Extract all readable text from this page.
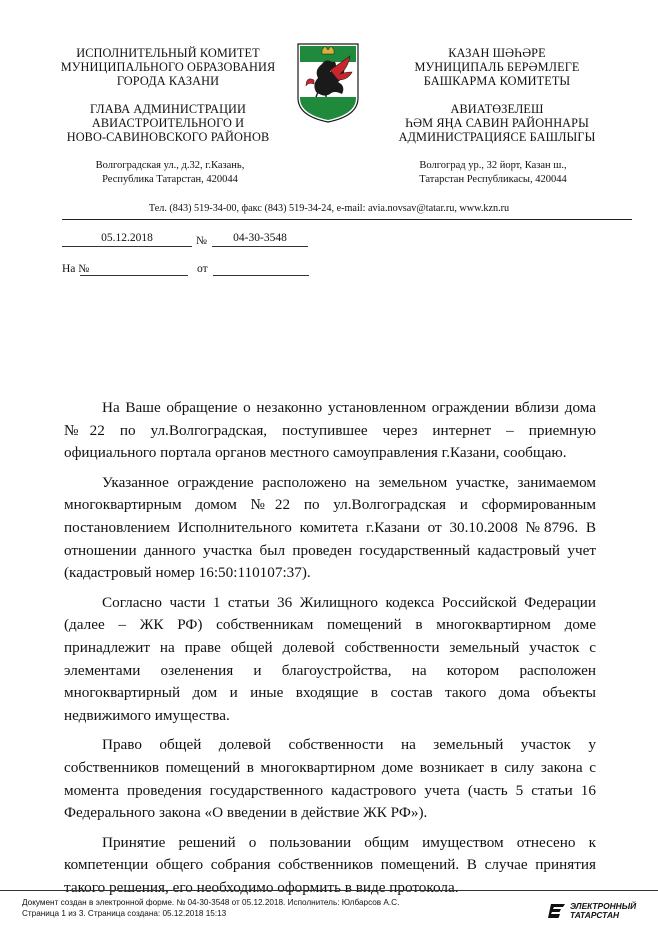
ИСПОЛНИТЕЛЬНЫЙ КОМИТЕТ
МУНИЦИПАЛЬНОГО ОБРАЗОВАНИЯ
ГОРОДА КАЗАНИ
ГЛАВА АДМИНИСТРАЦИИ
АВИАСТРОИТЕЛЬНОГО И
НОВО-САВИНОВСКОГО РАЙОНОВ
Волгоградская ул., д.32, г.Казань,
Республика Татарстан, 420044
КАЗАН ШӘҺӘРЕ
МУНИЦИПАЛЬ БЕРӘМЛЕГЕ
БАШКАРМА КОМИТЕТЫ
АВИАТӨЗЕЛЕШ
ҺӘМ ЯҢА САВИН РАЙОННАРЫ
АДМИНИСТРАЦИЯСЕ БАШЛЫГЫ
Волгоград ур., 32 йорт, Казан ш.,
Татарстан Республикасы, 420044
Тел. (843) 519-34-00, факс (843) 519-34-24, e-mail: avia.novsav@tatar.ru, www.kzn.ru
05.12.2018	№	04-30-3548
На №	от

На Ваше обращение о незаконно установленном ограждении вблизи дома №22 по ул.Волгоградская, поступившее через интернет – приемную официального портала органов местного самоуправления г.Казани, сообщаю.

Указанное ограждение расположено на земельном участке, занимаемом многоквартирным домом №22 по ул.Волгоградская и сформированным постановлением Исполнительного комитета г.Казани от 30.10.2008 №8796. В отношении данного участка был проведен государственный кадастровый учет (кадастровый номер 16:50:110107:37).

Согласно части 1 статьи 36 Жилищного кодекса Российской Федерации (далее – ЖК РФ) собственникам помещений в многоквартирном доме принадлежит на праве общей долевой собственности земельный участок с элементами озеленения и благоустройства, на котором расположен многоквартирный дом и иные входящие в состав такого дома объекты недвижимого имущества.

Право общей долевой собственности на земельный участок у собственников помещений в многоквартирном доме возникает в силу закона с момента проведения государственного кадастрового учета (часть 5 статьи 16 Федерального закона «О введении в действие ЖК РФ»).

Принятие решений о пользовании общим имуществом отнесено к компетенции общего собрания собственников помещений. В случае принятия такого решения, его необходимо оформить в виде протокола.

Документ создан в электронной форме. № 04-30-3548 от 05.12.2018. Исполнитель: Юлбарсов А.С.
Страница 1 из 3. Страница создана: 05.12.2018 15:13
ЭЛЕКТРОННЫЙ
ТАТАРСТАН
